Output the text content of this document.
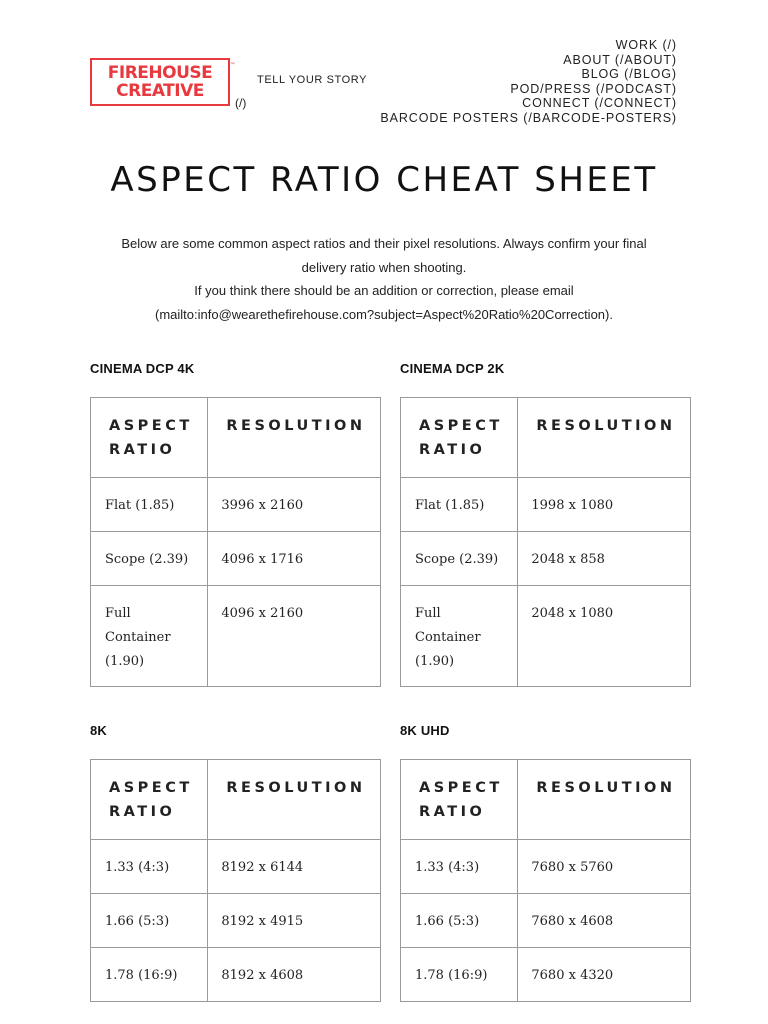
FIREHOUSE
CREATIVE
™
(/)
TELL YOUR STORY
WORK (/)
ABOUT (/ABOUT)
BLOG (/BLOG)
POD/PRESS (/PODCAST)
CONNECT (/CONNECT)
BARCODE POSTERS (/BARCODE-POSTERS)
ASPECT RATIO CHEAT SHEET
Below are some common aspect ratios and their pixel resolutions. Always confirm your final
delivery ratio when shooting.
If you think there should be an addition or correction, please email
(mailto:info@wearethefirehouse.com?subject=Aspect%20Ratio%20Correction).
CINEMA DCP 4K
ASPECT
RATIO	RESOLUTION
Flat (1.85)	3996 x 2160
Scope (2.39)	4096 x 1716
Full
Container
(1.90)	4096 x 2160
CINEMA DCP 2K
ASPECT
RATIO	RESOLUTION
Flat (1.85)	1998 x 1080
Scope (2.39)	2048 x 858
Full
Container
(1.90)	2048 x 1080
8K
ASPECT
RATIO	RESOLUTION
1.33 (4:3)	8192 x 6144
1.66 (5:3)	8192 x 4915
1.78 (16:9)	8192 x 4608
8K UHD
ASPECT
RATIO	RESOLUTION
1.33 (4:3)	7680 x 5760
1.66 (5:3)	7680 x 4608
1.78 (16:9)	7680 x 4320
